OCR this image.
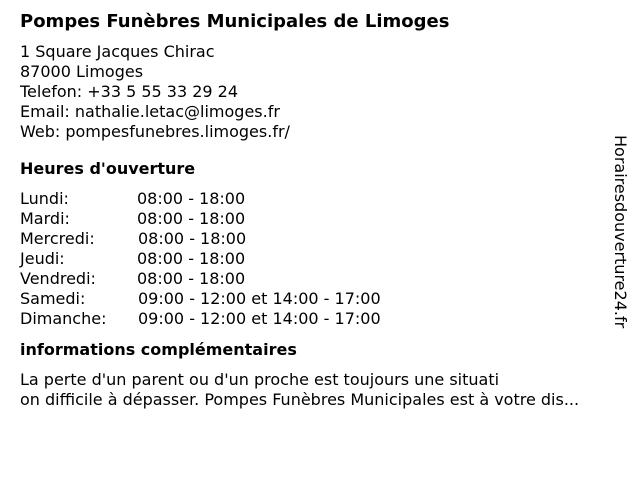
Pompes Funèbres Municipales de Limoges
1 Square Jacques Chirac
87000 Limoges
Telefon: +33 5 55 33 29 24
Email: nathalie.letac@limoges.fr
Web: pompesfunebres.limoges.fr/
Heures d'ouverture
Lundi:	08:00 - 18:00
Mardi:	08:00 - 18:00
Mercredi:	08:00 - 18:00
Jeudi:	08:00 - 18:00
Vendredi:	08:00 - 18:00
Samedi:	09:00 - 12:00 et 14:00 - 17:00
Dimanche:	09:00 - 12:00 et 14:00 - 17:00
informations complémentaires
La perte d'un parent ou d'un proche est toujours une situati
on difficile à dépasser. Pompes Funèbres Municipales est à votre dis...
Horairesdouverture24.fr
